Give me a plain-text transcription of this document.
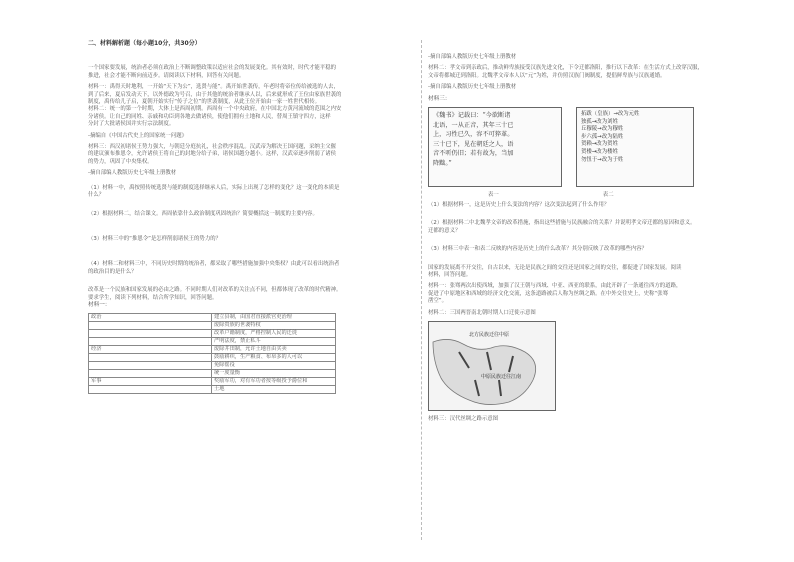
二、材料解析题（每小题10分，共30分）

一个国家要发展，统治者必须在政治上不断调整政策以适应社会的发展变化。其有效时，时代才能平稳的

推进，社会才能不断向前迈步。请阅读以下材料，回答有关问题。

材料一：禹得天时地利，一开始“天下为公”，选贤与能”。禹开始世袭传，年老时将帝位传给被选的人去，

到了后来，夏启发动天下，以外德政为号召，由于其他的统治者继承人以，后来就形成了王位由家族世袭的

制度，禹传给儿子启，夏朝开始实行“传子之位”的世袭制度，从此王位开始由一家一姓世代相传。

材料二：统一的第一个时期，大体上是西周初期。西周有一个中央政府，在中国北方黄河流域的范围之内安

分诸侯。让自己的同姓、亲戚和功臣到各地去做诸侯，使他们拥有土地和人民，替周王镇守四方，这样

分封了大批诸侯国并实行宗法制度。

-摘编自《中国古代史上的国家统一问题》

材料三：西汉初诸侯王势力强大，与朝廷分庭抗礼，社会秩序混乱。汉武帝为解决王国问题，采纳主父偃

的建议颁布推恩令，允许诸侯王将自己的封地分给子弟，诸侯国越分越小。这样，汉武帝逐步削弱了诸侯

的势力，巩固了中央集权。

-摘自部编人教版历史七年级上册教材

（1）材料一中，禹按照传统选贤与能的制度选择继承人后，实际上出现了怎样的变化？这一变化的本质是

什么？

（2）根据材料二，结合课文。西周依靠什么政治制度巩固统治？简要概括这一制度的主要内容。

（3）材料三中的“推恩令”是怎样削弱诸侯王的势力的？

（4）材料二和材料三中，不同历史时期的统治者，都采取了哪些措施加强中央集权？由此可以看出统治者

的政治目的是什么？

改革是一个民族和国家发展的必由之路。不同时期人们对改革的关注点不同，但都体现了改革的时代精神。

要求学生，阅读下列材料，结合所学知识，回答问题。

材料一：

政治	建立县制，由国君直接派官吏治理
	废除贵族的世袭特权
	改革户籍制度，严格控制人民的迁徙
	严明法度，禁止私斗
经济	废除井田制，允许土地自由买卖
	鼓励耕织，生产粮食、布帛多的人可以
	免除徭役
	统一度量衡
军事	奖励军功，对有军功者按等级授予爵位和
	土地

-摘自部编人教版历史七年级上册教材

材料二：孝文帝到亲政后，推动鲜卑族接受汉族先进文化，下令迁都洛阳，推行以下改革：在生活方式上改穿汉服，

文帝将都城迁到洛阳。北魏孝文帝本人以“元”为姓，并仿照汉族门阀制度，提倡鲜卑族与汉族通婚。

-摘自部编人教版历史七年级上册教材

材料三：

《魏书》记载曰：“今欲断诸
北语，一从正音，其年三十已
上，习性已久，容不可猝革。
三十已下，见在朝廷之人，语
音不听仍旧；若有故为，当加
降黜。”
拓跋（皇族）→改为元姓
独孤→改为刘姓
丘穆陵→改为穆姓
步六孤→改为陆姓
贺赖→改为贺姓
贺楼→改为楼姓
勿忸于→改为于姓
表一	表二

（1）根据材料一，这是历史上什么变法的内容？这次变法起到了什么作用？

（2）根据材料二中北魏孝文帝的改革措施，指出这些措施与民族融合的关系？并说明孝文帝迁都的原因和意义。

迁都的意义？

（3）材料三中表一和表二反映的内容是历史上的什么改革？其分别反映了改革的哪些内容？

国家的发展离不开交往，自古以来，无论是民族之间的交往还是国家之间的交往，都促进了国家发展。阅读

材料，回答问题。

材料一：张骞两次出使西域，加强了汉王朝与西域、中亚、西亚的联系，由此开辟了一条通往西方的道路，

促进了中原地区和西域的经济文化交流，这条道路被后人称为丝绸之路。在中外交往史上，史称“张骞

凿空”。

材料二：三国两晋南北朝时期人口迁徙示意图

北方民族迁往中原
中原民族迁往江南

材料三：汉代丝绸之路示意图
